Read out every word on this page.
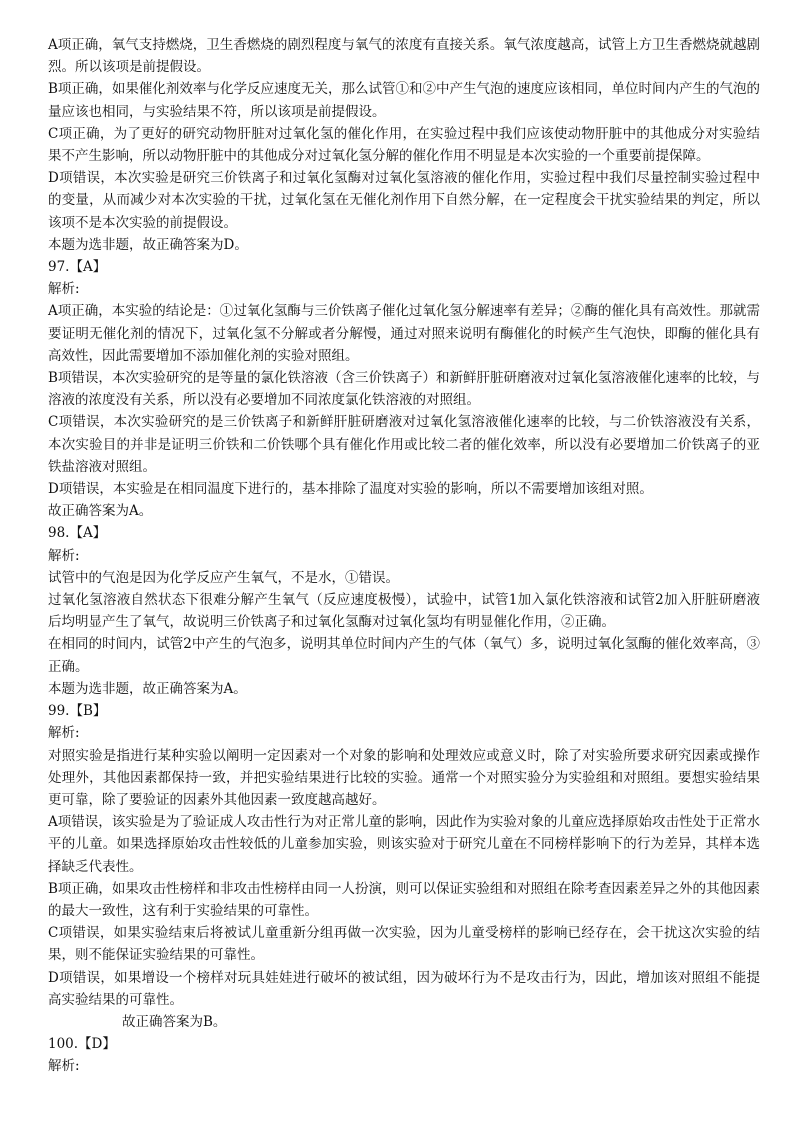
A项正确，氧气支持燃烧，卫生香燃烧的剧烈程度与氧气的浓度有直接关系。氧气浓度越高，试管上方卫生香燃烧就越剧烈。所以该项是前提假设。

B项正确，如果催化剂效率与化学反应速度无关，那么试管①和②中产生气泡的速度应该相同，单位时间内产生的气泡的量应该也相同，与实验结果不符，所以该项是前提假设。

C项正确，为了更好的研究动物肝脏对过氧化氢的催化作用，在实验过程中我们应该使动物肝脏中的其他成分对实验结果不产生影响，所以动物肝脏中的其他成分对过氧化氢分解的催化作用不明显是本次实验的一个重要前提保障。

D项错误，本次实验是研究三价铁离子和过氧化氢酶对过氧化氢溶液的催化作用，实验过程中我们尽量控制实验过程中的变量，从而减少对本次实验的干扰，过氧化氢在无催化剂作用下自然分解，在一定程度会干扰实验结果的判定，所以该项不是本次实验的前提假设。

本题为选非题，故正确答案为D。

97.【A】

解析:

A项正确，本实验的结论是：①过氧化氢酶与三价铁离子催化过氧化氢分解速率有差异；②酶的催化具有高效性。那就需要证明无催化剂的情况下，过氧化氢不分解或者分解慢，通过对照来说明有酶催化的时候产生气泡快，即酶的催化具有高效性，因此需要增加不添加催化剂的实验对照组。

B项错误，本次实验研究的是等量的氯化铁溶液（含三价铁离子）和新鲜肝脏研磨液对过氧化氢溶液催化速率的比较，与溶液的浓度没有关系，所以没有必要增加不同浓度氯化铁溶液的对照组。

C项错误，本次实验研究的是三价铁离子和新鲜肝脏研磨液对过氧化氢溶液催化速率的比较，与二价铁溶液没有关系，本次实验目的并非是证明三价铁和二价铁哪个具有催化作用或比较二者的催化效率，所以没有必要增加二价铁离子的亚铁盐溶液对照组。

D项错误，本实验是在相同温度下进行的，基本排除了温度对实验的影响，所以不需要增加该组对照。

故正确答案为A。

98.【A】

解析:

试管中的气泡是因为化学反应产生氧气，不是水，①错误。

过氧化氢溶液自然状态下很难分解产生氧气（反应速度极慢），试验中，试管1加入氯化铁溶液和试管2加入肝脏研磨液后均明显产生了氧气，故说明三价铁离子和过氧化氢酶对过氧化氢均有明显催化作用，②正确。

在相同的时间内，试管2中产生的气泡多，说明其单位时间内产生的气体（氧气）多，说明过氧化氢酶的催化效率高，③正确。

本题为选非题，故正确答案为A。

99.【B】

解析:

对照实验是指进行某种实验以阐明一定因素对一个对象的影响和处理效应或意义时，除了对实验所要求研究因素或操作处理外，其他因素都保持一致，并把实验结果进行比较的实验。通常一个对照实验分为实验组和对照组。要想实验结果更可靠，除了要验证的因素外其他因素一致度越高越好。

A项错误，该实验是为了验证成人攻击性行为对正常儿童的影响，因此作为实验对象的儿童应选择原始攻击性处于正常水平的儿童。如果选择原始攻击性较低的儿童参加实验，则该实验对于研究儿童在不同榜样影响下的行为差异，其样本选择缺乏代表性。

B项正确，如果攻击性榜样和非攻击性榜样由同一人扮演，则可以保证实验组和对照组在除考查因素差异之外的其他因素的最大一致性，这有利于实验结果的可靠性。

C项错误，如果实验结束后将被试儿童重新分组再做一次实验，因为儿童受榜样的影响已经存在，会干扰这次实验的结果，则不能保证实验结果的可靠性。

D项错误，如果增设一个榜样对玩具娃娃进行破坏的被试组，因为破坏行为不是攻击行为，因此，增加该对照组不能提高实验结果的可靠性。

故正确答案为B。

100.【D】

解析:
